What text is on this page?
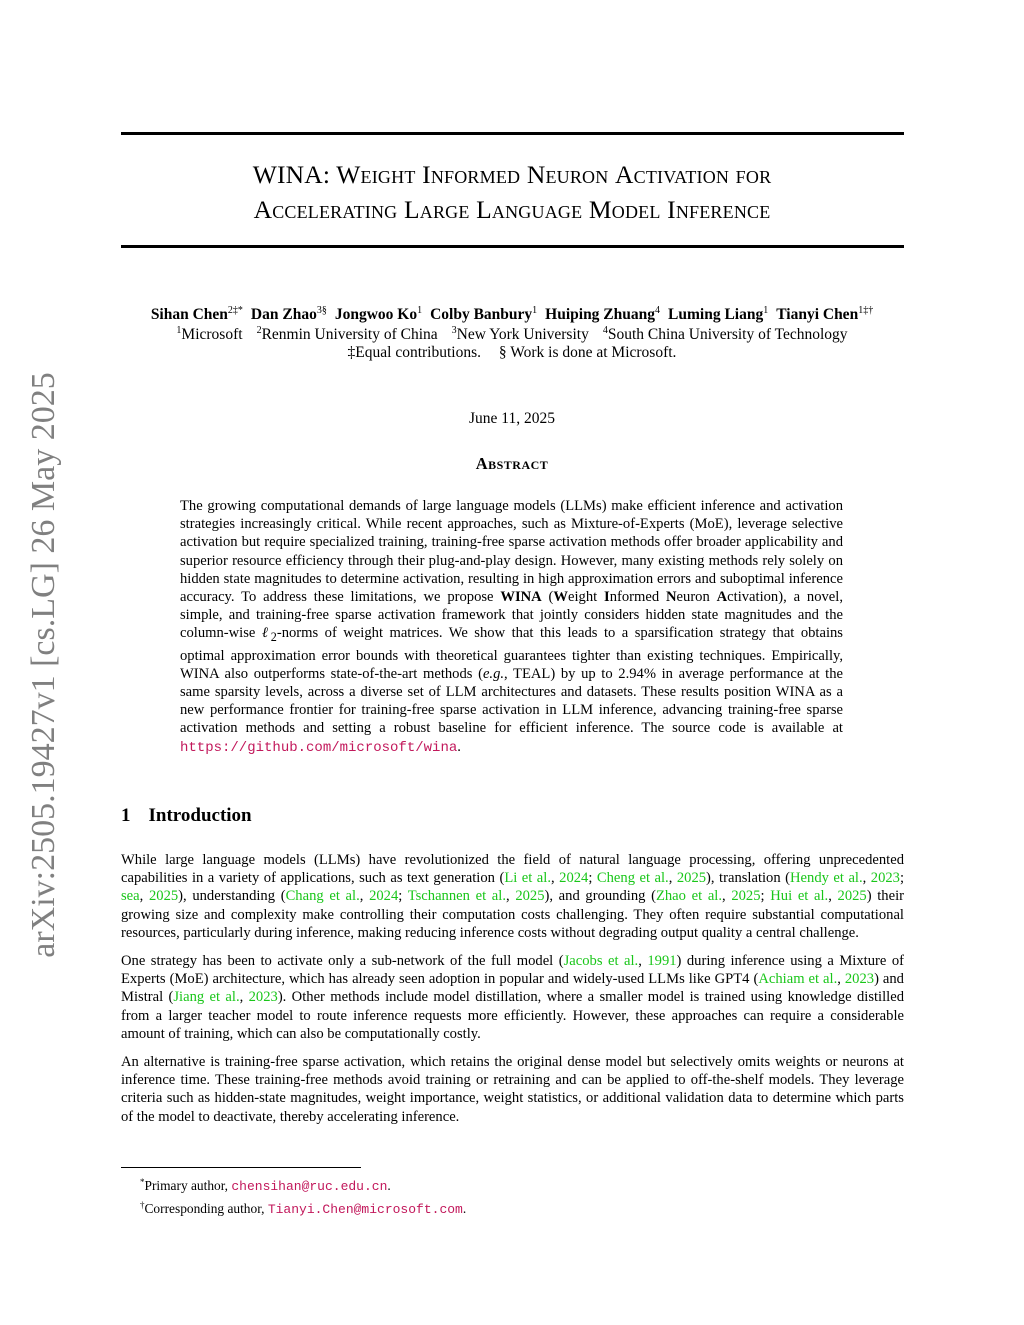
arXiv:2505.19427v1 [cs.LG] 26 May 2025
WINA: Weight Informed Neuron Activation for
Accelerating Large Language Model Inference
Sihan Chen$^{2\ddagger*}$ Dan Zhao$^{3\S}$ Jongwoo Ko$^1$ Colby Banbury$^1$ Huiping Zhuang$^4$ Luming Liang$^1$ Tianyi Chen$^{1\ddagger\dagger}$
$^1$Microsoft $^2$Renmin University of China $^3$New York University $^4$South China University of Technology
‡Equal contributions. § Work is done at Microsoft.
June 11, 2025
Abstract
The growing computational demands of large language models (LLMs) make efficient inference and activation strategies increasingly critical. While recent approaches, such as Mixture-of-Experts (MoE), leverage selective activation but require specialized training, training-free sparse activation methods offer broader applicability and superior resource efficiency through their plug-and-play design. However, many existing methods rely solely on hidden state magnitudes to determine activation, resulting in high approximation errors and suboptimal inference accuracy. To address these limitations, we propose WINA (Weight Informed Neuron Activation), a novel, simple, and training-free sparse activation framework that jointly considers hidden state magnitudes and the column-wise ℓ$_2$-norms of weight matrices. We show that this leads to a sparsification strategy that obtains optimal approximation error bounds with theoretical guarantees tighter than existing techniques. Empirically, WINA also outperforms state-of-the-art methods (e.g., TEAL) by up to 2.94% in average performance at the same sparsity levels, across a diverse set of LLM architectures and datasets. These results position WINA as a new performance frontier for training-free sparse activation in LLM inference, advancing training-free sparse activation methods and setting a robust baseline for efficient inference. The source code is available at https://github.com/microsoft/wina.
1 Introduction

While large language models (LLMs) have revolutionized the field of natural language processing, offering unprecedented capabilities in a variety of applications, such as text generation (Li et al., 2024; Cheng et al., 2025), translation (Hendy et al., 2023; sea, 2025), understanding (Chang et al., 2024; Tschannen et al., 2025), and grounding (Zhao et al., 2025; Hui et al., 2025) their growing size and complexity make controlling their computation costs challenging. They often require substantial computational resources, particularly during inference, making reducing inference costs without degrading output quality a central challenge.

One strategy has been to activate only a sub-network of the full model (Jacobs et al., 1991) during inference using a Mixture of Experts (MoE) architecture, which has already seen adoption in popular and widely-used LLMs like GPT4 (Achiam et al., 2023) and Mistral (Jiang et al., 2023). Other methods include model distillation, where a smaller model is trained using knowledge distilled from a larger teacher model to route inference requests more efficiently. However, these approaches can require a considerable amount of training, which can also be computationally costly.

An alternative is training-free sparse activation, which retains the original dense model but selectively omits weights or neurons at inference time. These training-free methods avoid training or retraining and can be applied to off-the-shelf models. They leverage criteria such as hidden-state magnitudes, weight importance, weight statistics, or additional validation data to determine which parts of the model to deactivate, thereby accelerating inference.

*Primary author, chensihan@ruc.edu.cn.
†Corresponding author, Tianyi.Chen@microsoft.com.
